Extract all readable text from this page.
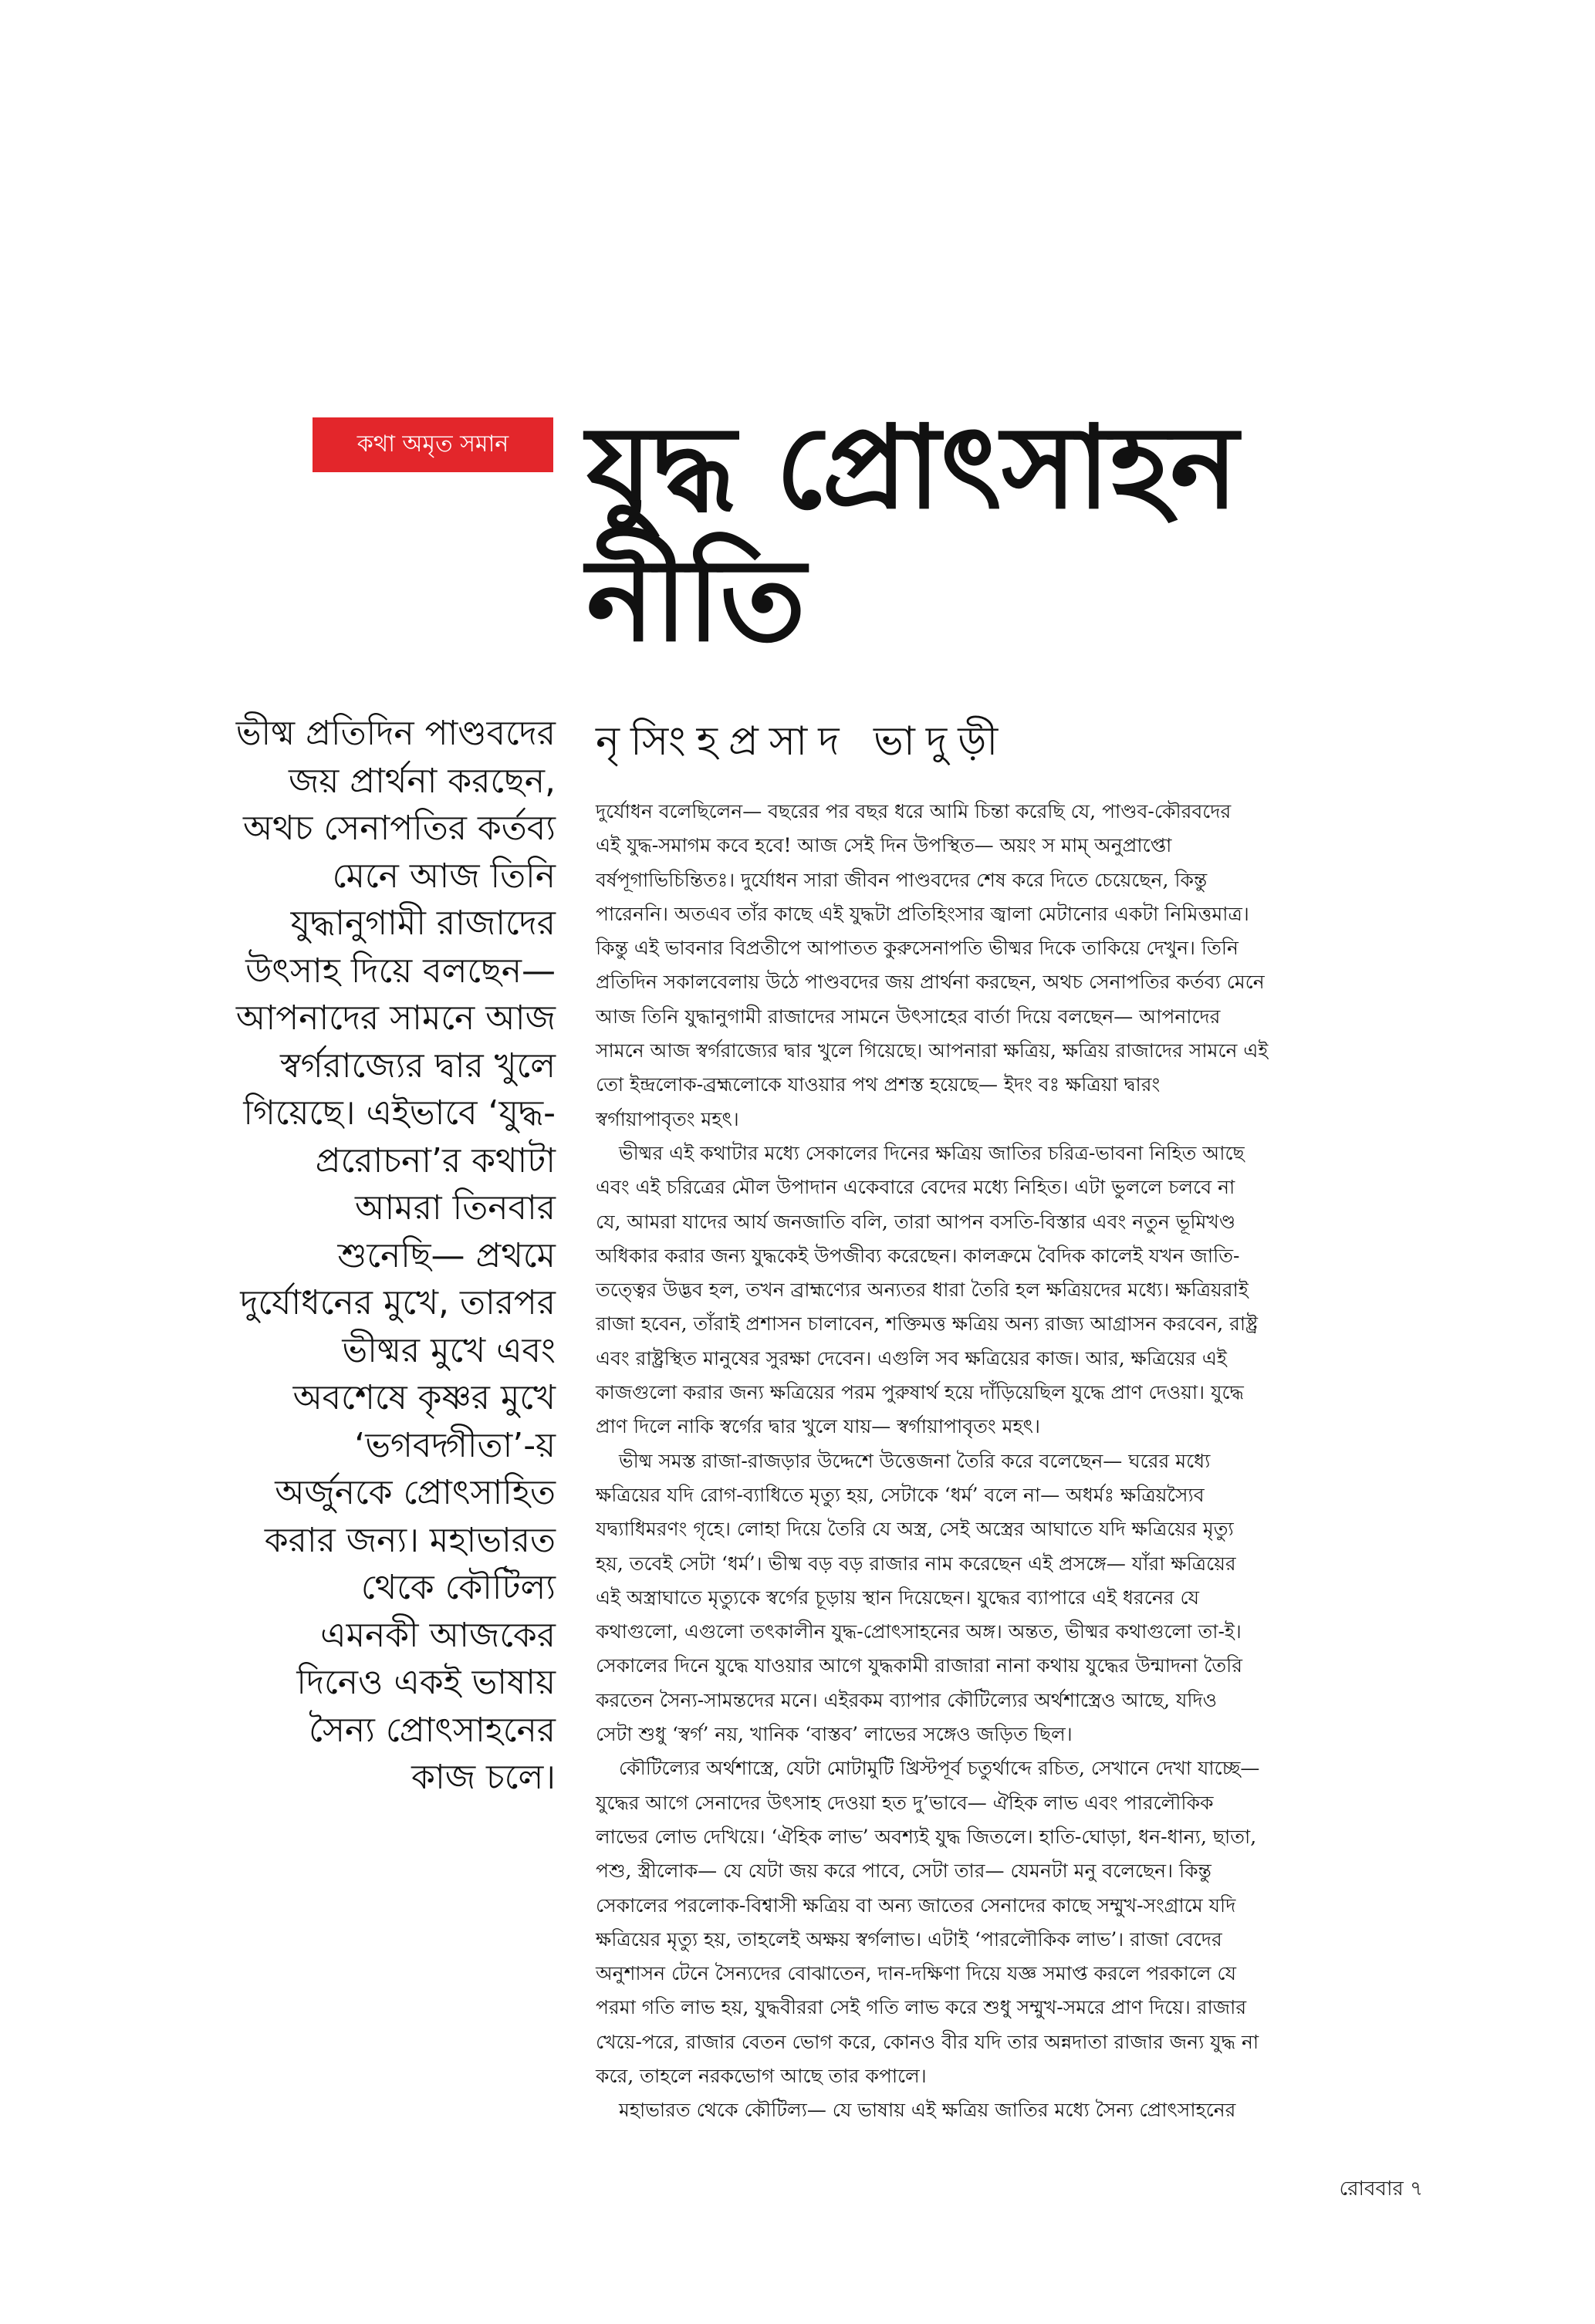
কথা অমৃত সমান যুদ্ধ প্রোৎসাহন
নীতি
নৃসিংহপ্রসাদ ভাদুড়ী
ভীষ্ম প্রতিদিন পাণ্ডবদের
জয় প্রার্থনা করছেন,
অথচ সেনাপতির কর্তব্য
মেনে আজ তিনি
যুদ্ধানুগামী রাজাদের
উৎসাহ দিয়ে বলছেন—
আপনাদের সামনে আজ
স্বর্গরাজ্যের দ্বার খুলে
গিয়েছে। এইভাবে ‘যুদ্ধ-
প্ররোচনা’র কথাটা
আমরা তিনবার
শুনেছি— প্রথমে
দুর্যোধনের মুখে, তারপর
ভীষ্মর মুখে এবং
অবশেষে কৃষ্ণর মুখে
‘ভগবদ্গীতা’-য়
অর্জুনকে প্রোৎসাহিত
করার জন্য। মহাভারত
থেকে কৌটিল্য
এমনকী আজকের
দিনেও একই ভাষায়
সৈন্য প্রোৎসাহনের
কাজ চলে।

দুর্যোধন বলেছিলেন— বছরের পর বছর ধরে আমি চিন্তা করেছি যে, পাণ্ডব-কৌরবদের
এই যুদ্ধ-সমাগম কবে হবে! আজ সেই দিন উপস্থিত— অয়ং স মাম্ অনুপ্রাপ্তো
বর্ষপূগাভিচিন্তিতঃ। দুর্যোধন সারা জীবন পাণ্ডবদের শেষ করে দিতে চেয়েছেন, কিন্তু
পারেননি। অতএব তাঁর কাছে এই যুদ্ধটা প্রতিহিংসার জ্বালা মেটানোর একটা নিমিত্তমাত্র।
কিন্তু এই ভাবনার বিপ্রতীপে আপাতত কুরুসেনাপতি ভীষ্মর দিকে তাকিয়ে দেখুন। তিনি
প্রতিদিন সকালবেলায় উঠে পাণ্ডবদের জয় প্রার্থনা করছেন, অথচ সেনাপতির কর্তব্য মেনে
আজ তিনি যুদ্ধানুগামী রাজাদের সামনে উৎসাহের বার্তা দিয়ে বলছেন— আপনাদের
সামনে আজ স্বর্গরাজ্যের দ্বার খুলে গিয়েছে। আপনারা ক্ষত্রিয়, ক্ষত্রিয় রাজাদের সামনে এই
তো ইন্দ্রলোক-ব্রহ্মলোকে যাওয়ার পথ প্রশস্ত হয়েছে— ইদং বঃ ক্ষত্রিয়া দ্বারং
স্বর্গায়াপাবৃতং মহৎ।

ভীষ্মর এই কথাটার মধ্যে সেকালের দিনের ক্ষত্রিয় জাতির চরিত্র-ভাবনা নিহিত আছে
এবং এই চরিত্রের মৌল উপাদান একেবারে বেদের মধ্যে নিহিত। এটা ভুললে চলবে না
যে, আমরা যাদের আর্য জনজাতি বলি, তারা আপন বসতি-বিস্তার এবং নতুন ভূমিখণ্ড
অধিকার করার জন্য যুদ্ধকেই উপজীব্য করেছেন। কালক্রমে বৈদিক কালেই যখন জাতি-
তত্ত্বের উদ্ভব হল, তখন ব্রাহ্মণ্যের অন্যতর ধারা তৈরি হল ক্ষত্রিয়দের মধ্যে। ক্ষত্রিয়রাই
রাজা হবেন, তাঁরাই প্রশাসন চালাবেন, শক্তিমত্ত ক্ষত্রিয় অন্য রাজ্য আগ্রাসন করবেন, রাষ্ট্র
এবং রাষ্ট্রস্থিত মানুষের সুরক্ষা দেবেন। এগুলি সব ক্ষত্রিয়ের কাজ। আর, ক্ষত্রিয়ের এই
কাজগুলো করার জন্য ক্ষত্রিয়ের পরম পুরুষার্থ হয়ে দাঁড়িয়েছিল যুদ্ধে প্রাণ দেওয়া। যুদ্ধে
প্রাণ দিলে নাকি স্বর্গের দ্বার খুলে যায়— স্বর্গায়াপাবৃতং মহৎ।

ভীষ্ম সমস্ত রাজা-রাজড়ার উদ্দেশে উত্তেজনা তৈরি করে বলেছেন— ঘরের মধ্যে
ক্ষত্রিয়ের যদি রোগ-ব্যাধিতে মৃত্যু হয়, সেটাকে ‘ধর্ম’ বলে না— অধর্মঃ ক্ষত্রিয়স্যৈব
যদ্ব্যাধিমরণং গৃহে। লোহা দিয়ে তৈরি যে অস্ত্র, সেই অস্ত্রের আঘাতে যদি ক্ষত্রিয়ের মৃত্যু
হয়, তবেই সেটা ‘ধর্ম’। ভীষ্ম বড় বড় রাজার নাম করেছেন এই প্রসঙ্গে— যাঁরা ক্ষত্রিয়ের
এই অস্ত্রাঘাতে মৃত্যুকে স্বর্গের চূড়ায় স্থান দিয়েছেন। যুদ্ধের ব্যাপারে এই ধরনের যে
কথাগুলো, এগুলো তৎকালীন যুদ্ধ-প্রোৎসাহনের অঙ্গ। অন্তত, ভীষ্মর কথাগুলো তা-ই।
সেকালের দিনে যুদ্ধে যাওয়ার আগে যুদ্ধকামী রাজারা নানা কথায় যুদ্ধের উন্মাদনা তৈরি
করতেন সৈন্য-সামন্তদের মনে। এইরকম ব্যাপার কৌটিল্যের অর্থশাস্ত্রেও আছে, যদিও
সেটা শুধু ‘স্বর্গ’ নয়, খানিক ‘বাস্তব’ লাভের সঙ্গেও জড়িত ছিল।

কৌটিল্যের অর্থশাস্ত্রে, যেটা মোটামুটি খ্রিস্টপূর্ব চতুর্থাব্দে রচিত, সেখানে দেখা যাচ্ছে—
যুদ্ধের আগে সেনাদের উৎসাহ দেওয়া হত দু’ভাবে— ঐহিক লাভ এবং পারলৌকিক
লাভের লোভ দেখিয়ে। ‘ঐহিক লাভ’ অবশ্যই যুদ্ধ জিতলে। হাতি-ঘোড়া, ধন-ধান্য, ছাতা,
পশু, স্ত্রীলোক— যে যেটা জয় করে পাবে, সেটা তার— যেমনটা মনু বলেছেন। কিন্তু
সেকালের পরলোক-বিশ্বাসী ক্ষত্রিয় বা অন্য জাতের সেনাদের কাছে সম্মুখ-সংগ্রামে যদি
ক্ষত্রিয়ের মৃত্যু হয়, তাহলেই অক্ষয় স্বর্গলাভ। এটাই ‘পারলৌকিক লাভ’। রাজা বেদের
অনুশাসন টেনে সৈন্যদের বোঝাতেন, দান-দক্ষিণা দিয়ে যজ্ঞ সমাপ্ত করলে পরকালে যে
পরমা গতি লাভ হয়, যুদ্ধবীররা সেই গতি লাভ করে শুধু সম্মুখ-সমরে প্রাণ দিয়ে। রাজার
খেয়ে-পরে, রাজার বেতন ভোগ করে, কোনও বীর যদি তার অন্নদাতা রাজার জন্য যুদ্ধ না
করে, তাহলে নরকভোগ আছে তার কপালে।

মহাভারত থেকে কৌটিল্য— যে ভাষায় এই ক্ষত্রিয় জাতির মধ্যে সৈন্য প্রোৎসাহনের

রোববার ৭
